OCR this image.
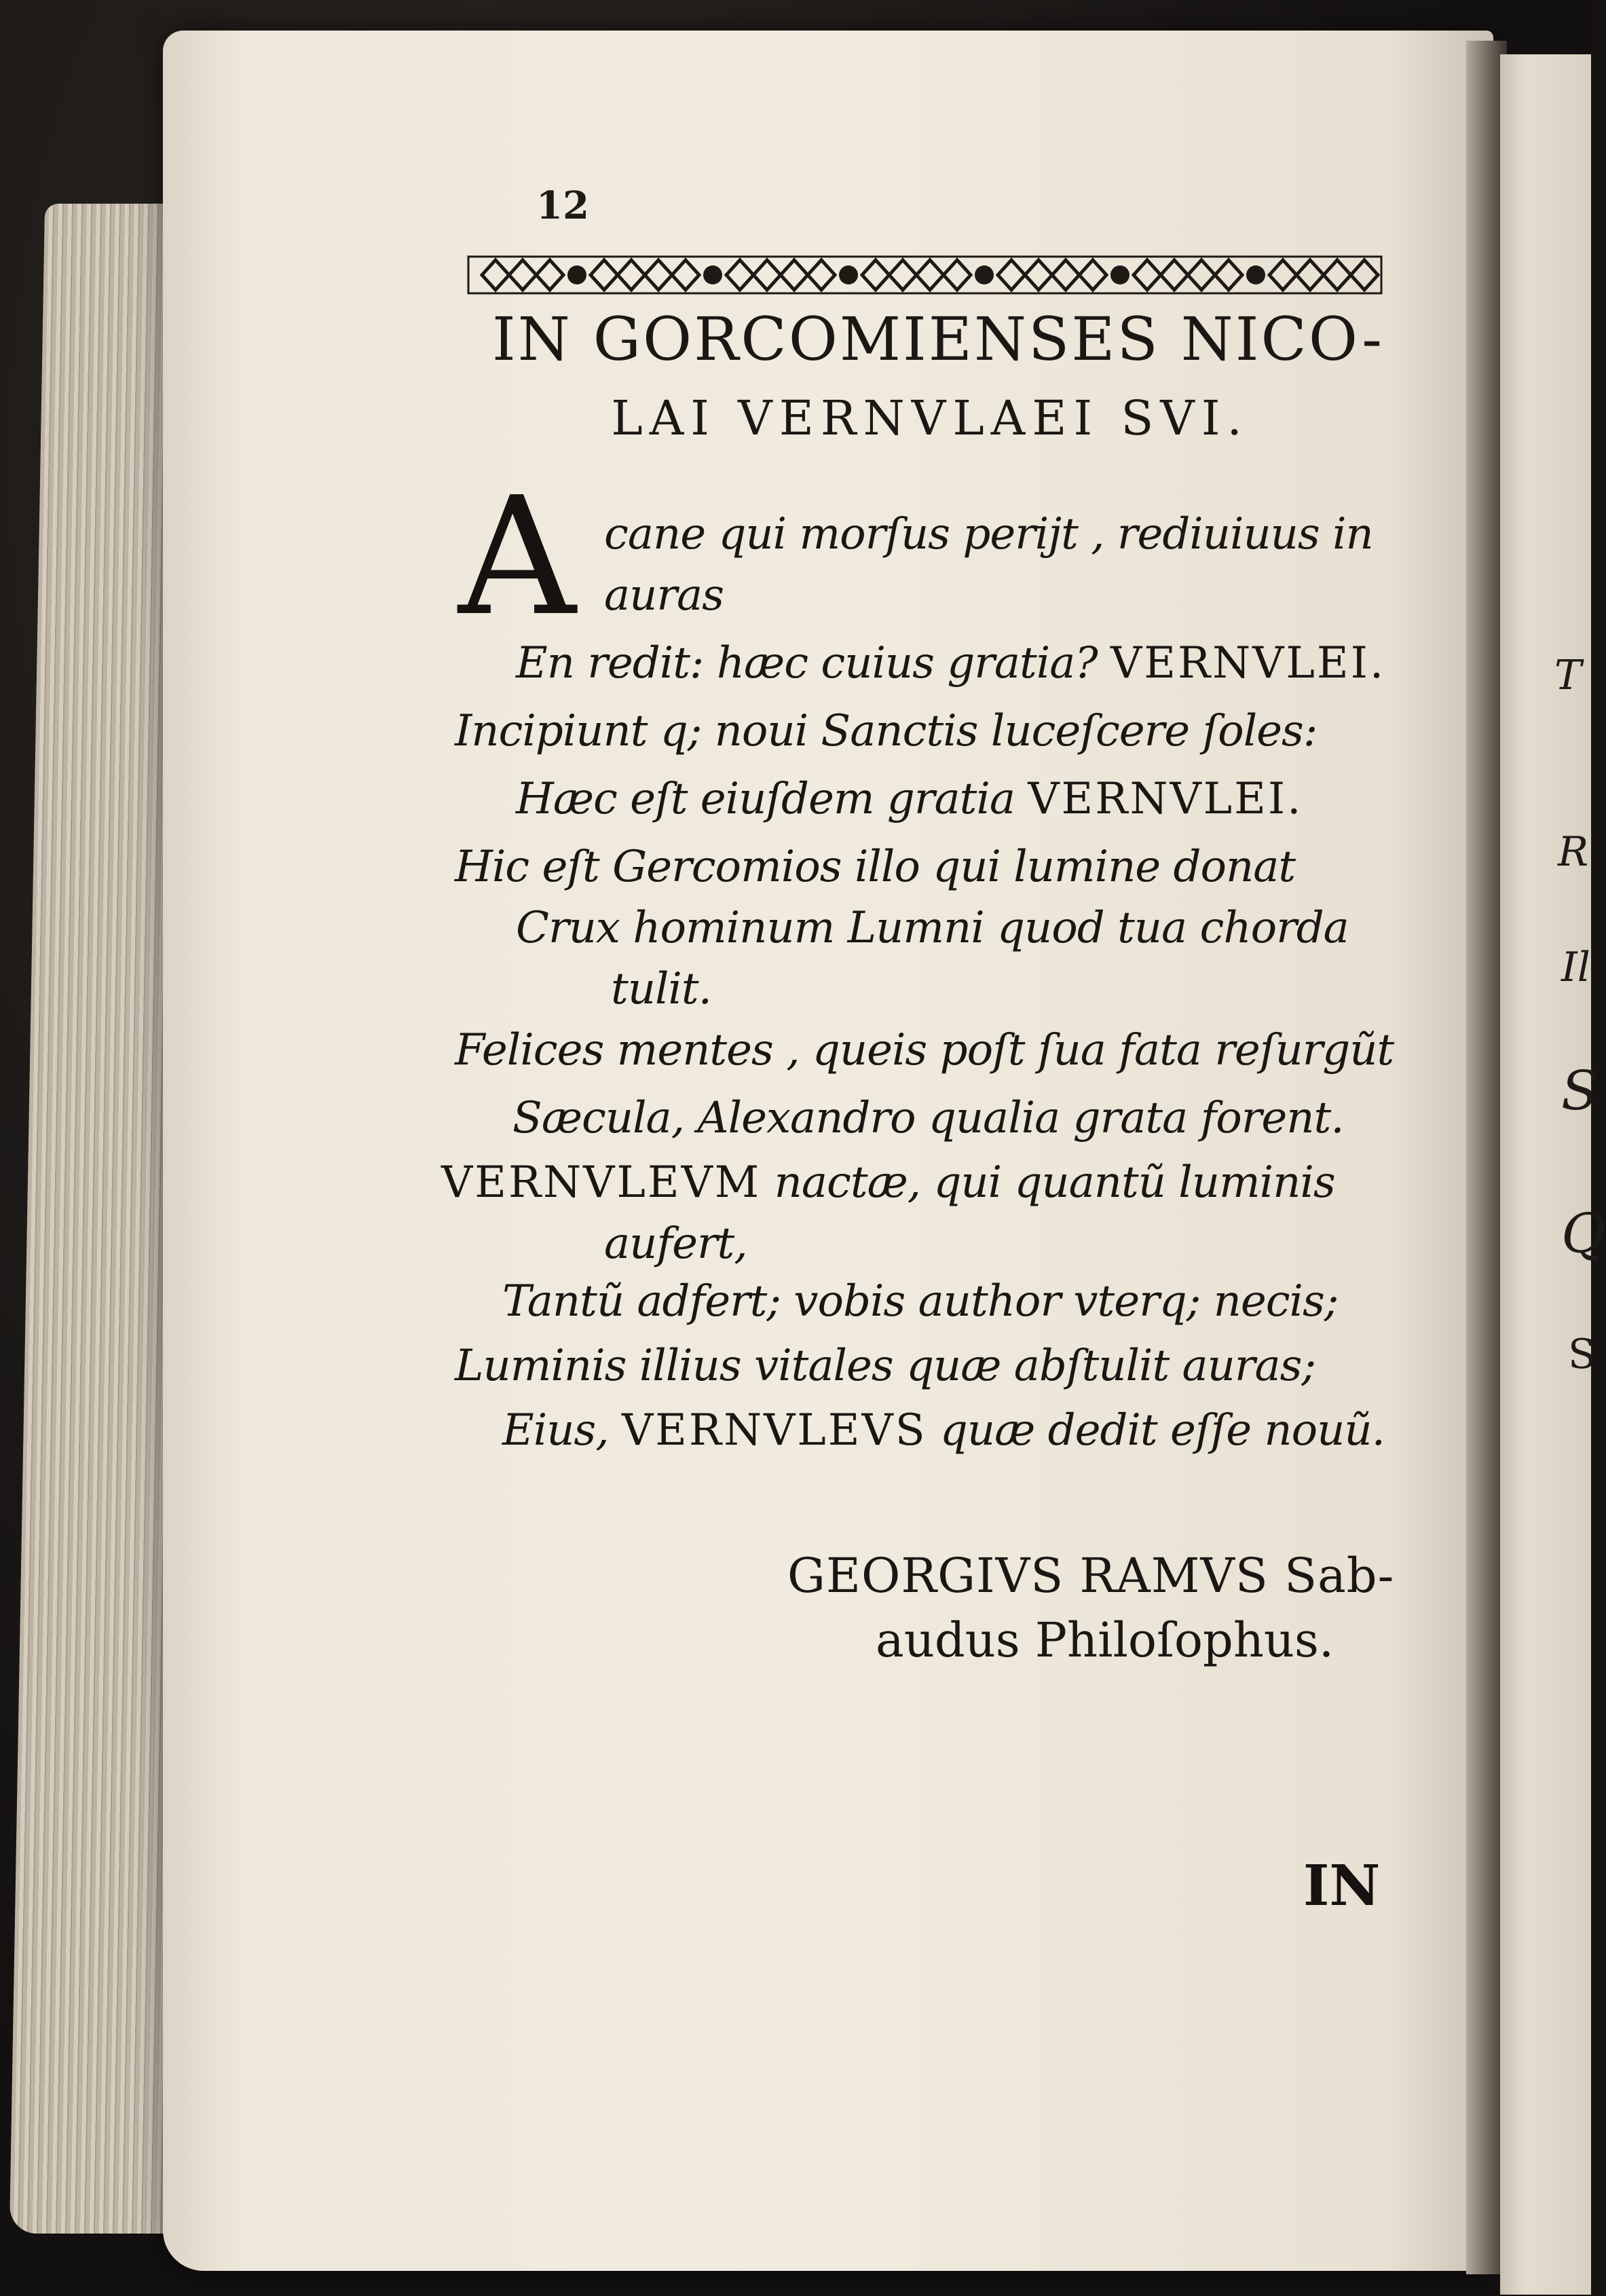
T
R
Il
S
Q
S
12
IN GORCOMIENSES NICO-
LAI VERNVLAEI SVI.
A cane qui morſus perijt , rediuiuus in
auras
En redit: hæc cuius gratia? VERNVLEI.
Incipiunt q; noui Sanctis luceſcere ſoles:
Hæc eſt eiuſdem gratia VERNVLEI.
Hic eſt Gercomios illo qui lumine donat
Crux hominum Lumni quod tua chorda
tulit.
Felices mentes , queis poſt ſua fata reſurgũt
Sæcula, Alexandro qualia grata forent.
VERNVLEVM nactæ, qui quantũ luminis
aufert,
Tantũ adfert; vobis author vterq; necis;
Luminis illius vitales quæ abſtulit auras;
Eius, VERNVLEVS quæ dedit eſſe nouũ.
GEORGIVS RAMVS Sab-
audus Philoſophus.
IN
